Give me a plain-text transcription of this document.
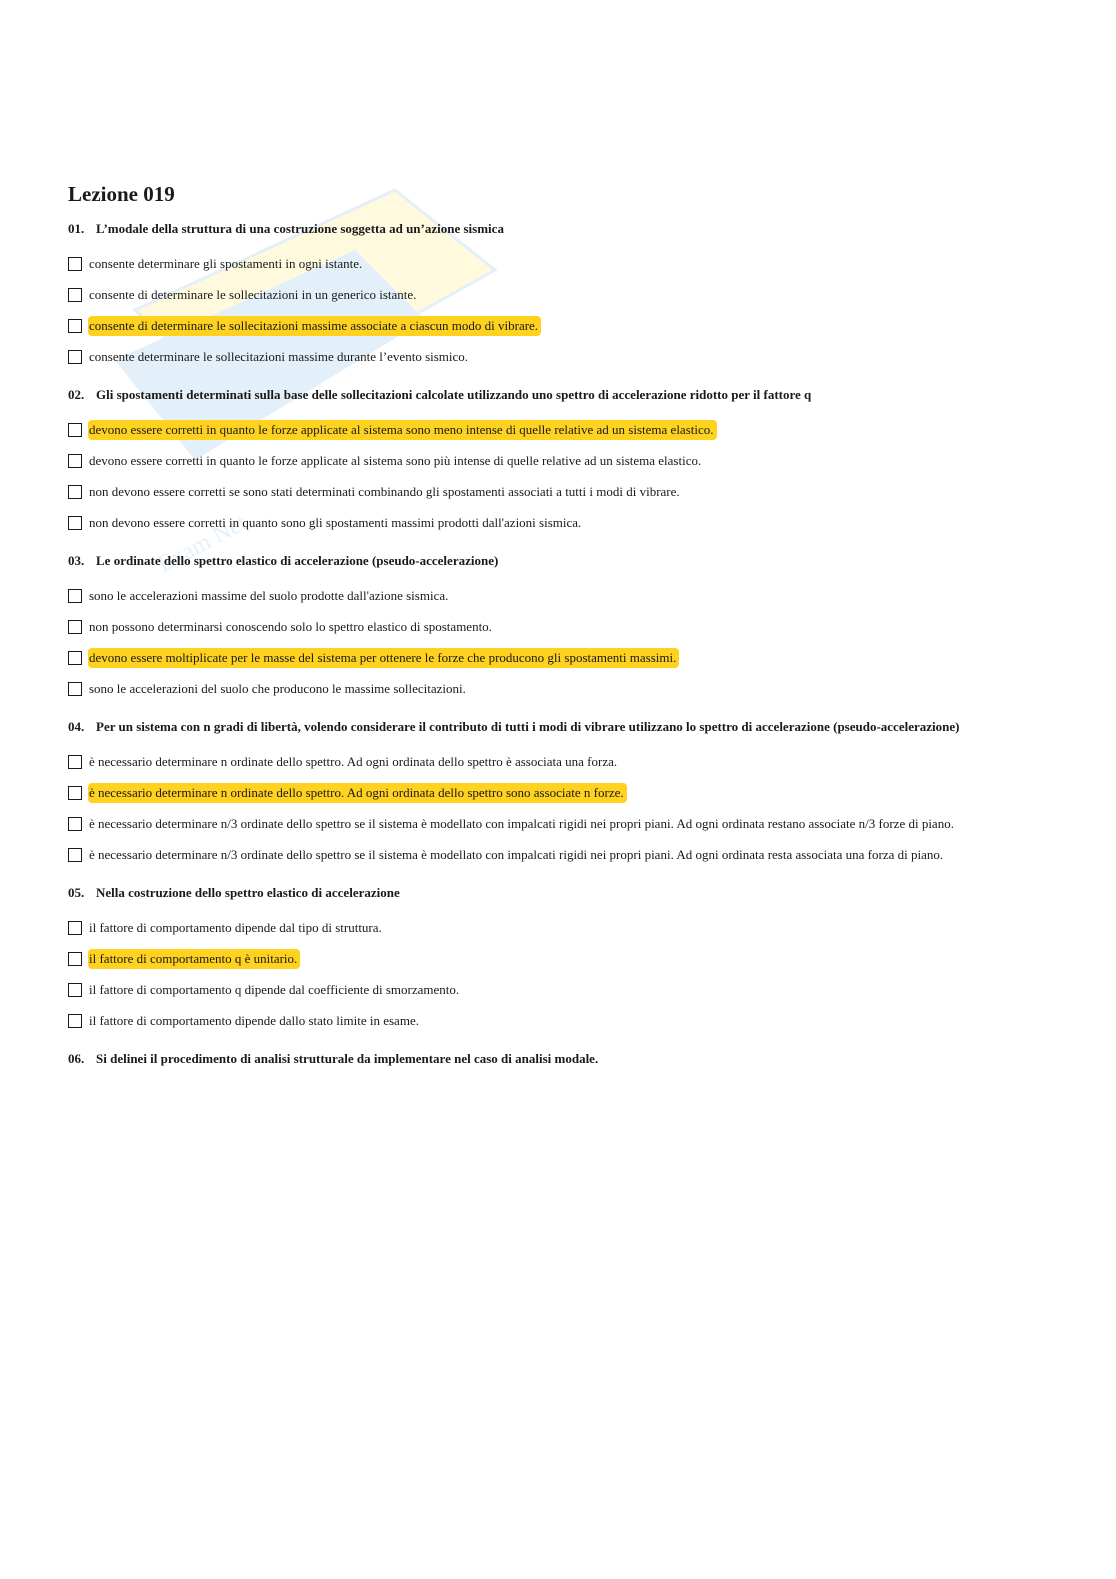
Exam Net
Lezione 019
01. L’modale della struttura di una costruzione soggetta ad un’azione sismica
consente determinare gli spostamenti in ogni istante.
consente di determinare le sollecitazioni in un generico istante.
consente di determinare le sollecitazioni massime associate a ciascun modo di vibrare.
consente determinare le sollecitazioni massime durante l’evento sismico.
02. Gli spostamenti determinati sulla base delle sollecitazioni calcolate utilizzando uno spettro di accelerazione ridotto per il fattore q
devono essere corretti in quanto le forze applicate al sistema sono meno intense di quelle relative ad un sistema elastico.
devono essere corretti in quanto le forze applicate al sistema sono più intense di quelle relative ad un sistema elastico.
non devono essere corretti se sono stati determinati combinando gli spostamenti associati a tutti i modi di vibrare.
non devono essere corretti in quanto sono gli spostamenti massimi prodotti dall'azioni sismica.
03. Le ordinate dello spettro elastico di accelerazione (pseudo-accelerazione)
sono le accelerazioni massime del suolo prodotte dall'azione sismica.
non possono determinarsi conoscendo solo lo spettro elastico di spostamento.
devono essere moltiplicate per le masse del sistema per ottenere le forze che producono gli spostamenti massimi.
sono le accelerazioni del suolo che producono le massime sollecitazioni.
04. Per un sistema con n gradi di libertà, volendo considerare il contributo di tutti i modi di vibrare utilizzano lo spettro di accelerazione (pseudo-accelerazione)
è necessario determinare n ordinate dello spettro. Ad ogni ordinata dello spettro è associata una forza.
è necessario determinare n ordinate dello spettro. Ad ogni ordinata dello spettro sono associate n forze.
è necessario determinare n/3 ordinate dello spettro se il sistema è modellato con impalcati rigidi nei propri piani. Ad ogni ordinata restano associate n/3 forze di piano.
è necessario determinare n/3 ordinate dello spettro se il sistema è modellato con impalcati rigidi nei propri piani. Ad ogni ordinata resta associata una forza di piano.
05. Nella costruzione dello spettro elastico di accelerazione
il fattore di comportamento dipende dal tipo di struttura.
il fattore di comportamento q è unitario.
il fattore di comportamento q dipende dal coefficiente di smorzamento.
il fattore di comportamento dipende dallo stato limite in esame.
06. Si delinei il procedimento di analisi strutturale da implementare nel caso di analisi modale.
